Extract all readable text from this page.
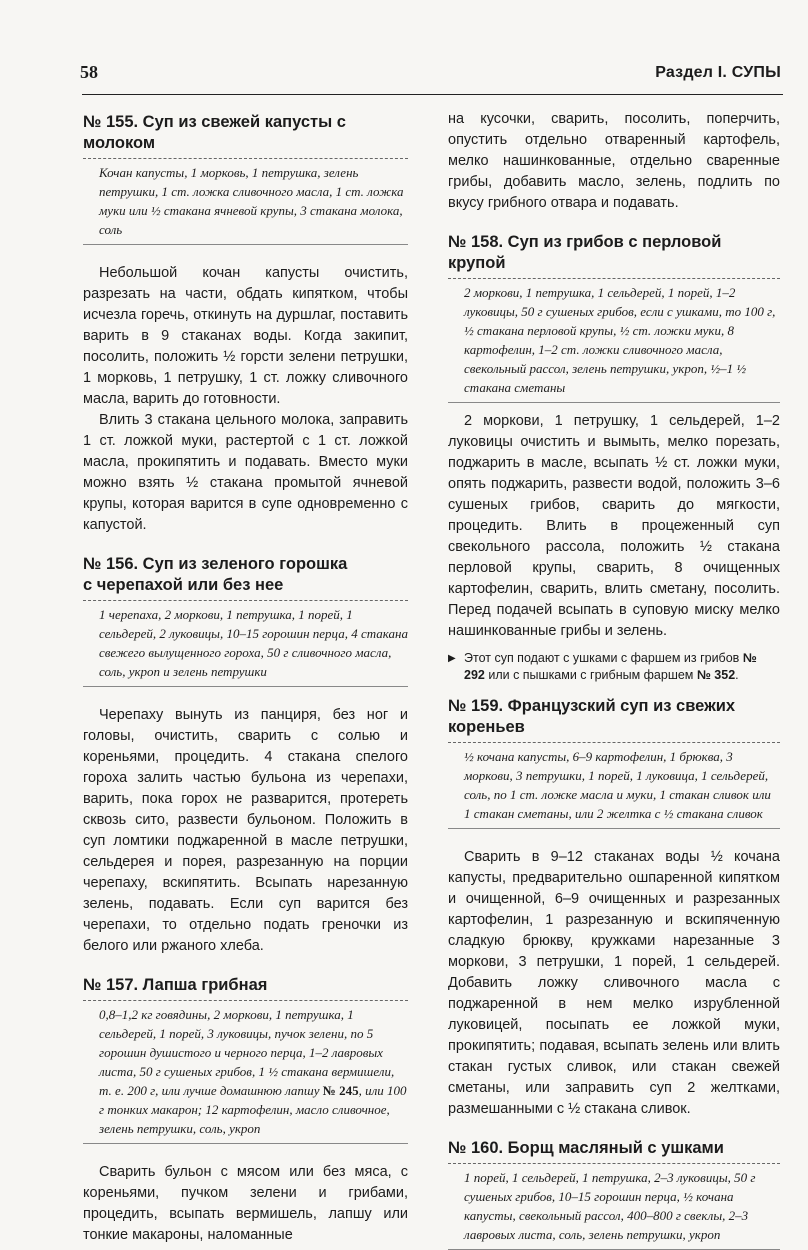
58	Раздел I. СУПЫ
№ 155. Суп из свежей капусты с молоком

Кочан капусты, 1 морковь, 1 петрушка, зелень петрушки, 1 ст. ложка сливочного масла, 1 ст. ложка муки или ½ стакана ячневой крупы, 3 стакана молока, соль

Небольшой кочан капусты очистить, разрезать на части, обдать кипятком, чтобы исчезла горечь, откинуть на дуршлаг, поставить варить в 9 стаканах воды. Когда закипит, посолить, положить ½ горсти зелени петрушки, 1 морковь, 1 петрушку, 1 ст. ложку сливочного масла, варить до готовности.

Влить 3 стакана цельного молока, заправить 1 ст. ложкой муки, растертой с 1 ст. ложкой масла, прокипятить и подавать. Вместо муки можно взять ½ стакана промытой ячневой крупы, которая варится в супе одновременно с капустой.

№ 156. Суп из зеленого горошка
с черепахой или без нее

1 черепаха, 2 моркови, 1 петрушка, 1 порей, 1 сельдерей, 2 луковицы, 10–15 горошин перца, 4 стакана свежего вылущенного гороха, 50 г сливочного масла, соль, укроп и зелень петрушки

Черепаху вынуть из панциря, без ног и головы, очистить, сварить с солью и кореньями, процедить. 4 стакана спелого гороха залить частью бульона из черепахи, варить, пока горох не разварится, протереть сквозь сито, развести бульоном. Положить в суп ломтики поджаренной в масле петрушки, сельдерея и порея, разрезанную на порции черепаху, вскипятить. Всыпать нарезанную зелень, подавать. Если суп варится без черепахи, то отдельно подать греночки из белого или ржаного хлеба.

№ 157. Лапша грибная

0,8–1,2 кг говядины, 2 моркови, 1 петрушка, 1 сельдерей, 1 порей, 3 луковицы, пучок зелени, по 5 горошин душистого и черного перца, 1–2 лавровых листа, 50 г сушеных грибов, 1 ½ стакана вермишели, т. е. 200 г, или лучше домашнюю лапшу № 245, или 100 г тонких макарон; 12 картофелин, масло сливочное, зелень петрушки, соль, укроп

Сварить бульон с мясом или без мяса, с кореньями, пучком зелени и грибами, процедить, всыпать вермишель, лапшу или тонкие макароны, наломанные

на кусочки, сварить, посолить, поперчить, опустить отдельно отваренный картофель, мелко нашинкованные, отдельно сваренные грибы, добавить масло, зелень, подлить по вкусу грибного отвара и подавать.

№ 158. Суп из грибов с перловой крупой

2 моркови, 1 петрушка, 1 сельдерей, 1 порей, 1–2 луковицы, 50 г сушеных грибов, если с ушками, то 100 г, ½ стакана перловой крупы, ½ ст. ложки муки, 8 картофелин, 1–2 ст. ложки сливочного масла, свекольный рассол, зелень петрушки, укроп, ½–1 ½ стакана сметаны

2 моркови, 1 петрушку, 1 сельдерей, 1–2 луковицы очистить и вымыть, мелко порезать, поджарить в масле, всыпать ½ ст. ложки муки, опять поджарить, развести водой, положить 3–6 сушеных грибов, сварить до мягкости, процедить. Влить в процеженный суп свекольного рассола, положить ½ стакана перловой крупы, сварить, 8 очищенных картофелин, сварить, влить сметану, посолить. Перед подачей всыпать в суповую миску мелко нашинкованные грибы и зелень.

▶ Этот суп подают с ушками с фаршем из грибов № 292 или с пышками с грибным фаршем № 352.

№ 159. Французский суп из свежих кореньев

½ кочана капусты, 6–9 картофелин, 1 брюква, 3 моркови, 3 петрушки, 1 порей, 1 луковица, 1 сельдерей, соль, по 1 ст. ложке масла и муки, 1 стакан сливок или 1 стакан сметаны, или 2 желтка с ½ стакана сливок

Сварить в 9–12 стаканах воды ½ кочана капусты, предварительно ошпаренной кипятком и очищенной, 6–9 очищенных и разрезанных картофелин, 1 разрезанную и вскипяченную сладкую брюкву, кружками нарезанные 3 моркови, 3 петрушки, 1 порей, 1 сельдерей. Добавить ложку сливочного масла с поджаренной в нем мелко изрубленной луковицей, посыпать ее ложкой муки, прокипятить; подавая, всыпать зелень или влить стакан густых сливок, или стакан свежей сметаны, или заправить суп 2 желтками, размешанными с ½ стакана сливок.

№ 160. Борщ масляный с ушками

1 порей, 1 сельдерей, 1 петрушка, 2–3 луковицы, 50 г сушеных грибов, 10–15 горошин перца, ½ кочана капусты, свекольный рассол, 400–800 г свеклы, 2–3 лавровых листа, соль, зелень петрушки, укроп
